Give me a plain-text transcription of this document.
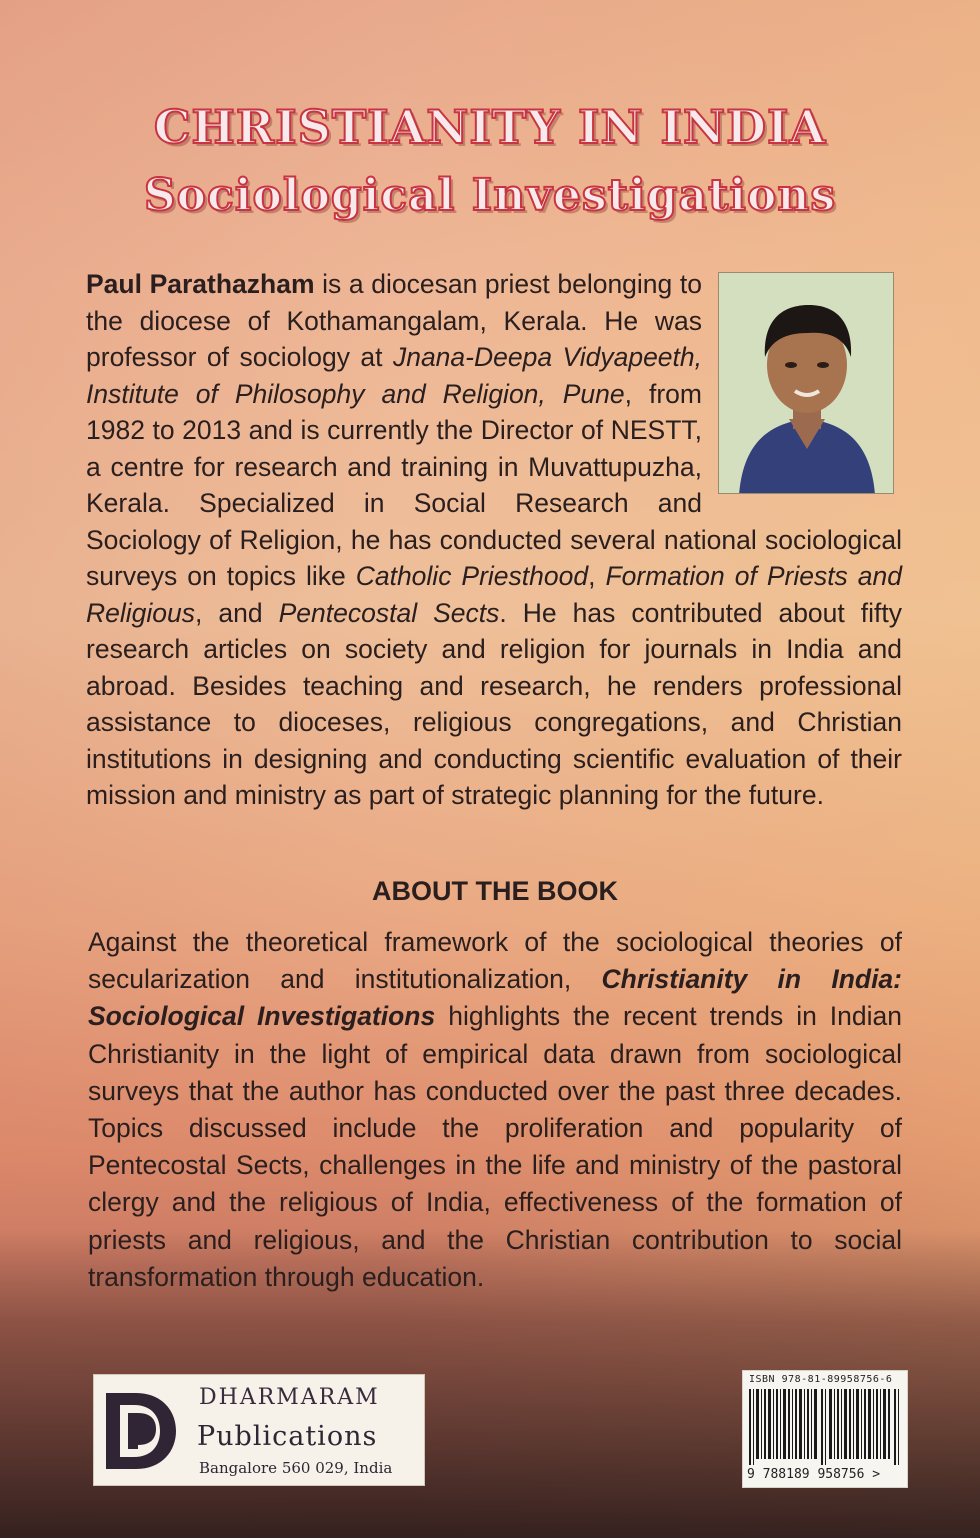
CHRISTIANITY IN INDIA
Sociological Investigations

Paul Parathazham is a diocesan priest belonging to the diocese of Kothamangalam, Kerala. He was professor of sociology at Jnana-Deepa Vidyapeeth, Institute of Philosophy and Religion, Pune, from 1982 to 2013 and is currently the Director of NESTT, a centre for research and training in Muvattupuzha, Kerala. Specialized in Social Research and Sociology of Religion, he has conducted several national sociological surveys on topics like Catholic Priesthood, Formation of Priests and Religious, and Pentecostal Sects. He has contributed about fifty research articles on society and religion for journals in India and abroad. Besides teaching and research, he renders professional assistance to dioceses, religious congregations, and Christian institutions in designing and conducting scientific evaluation of their mission and ministry as part of strategic planning for the future.

ABOUT THE BOOK

Against the theoretical framework of the sociological theories of secularization and institutionalization, Christianity in India: Sociological Investigations highlights the recent trends in Indian Christianity in the light of empirical data drawn from sociological surveys that the author has conducted over the past three decades. Topics discussed include the proliferation and popularity of Pentecostal Sects, challenges in the life and ministry of the pastoral clergy and the religious of India, effectiveness of the formation of priests and religious, and the Christian contribution to social transformation through education.

DHARMARAM
Publications
Bangalore 560 029, India
ISBN 978-81-89958756-6
9 788189 958756 >
